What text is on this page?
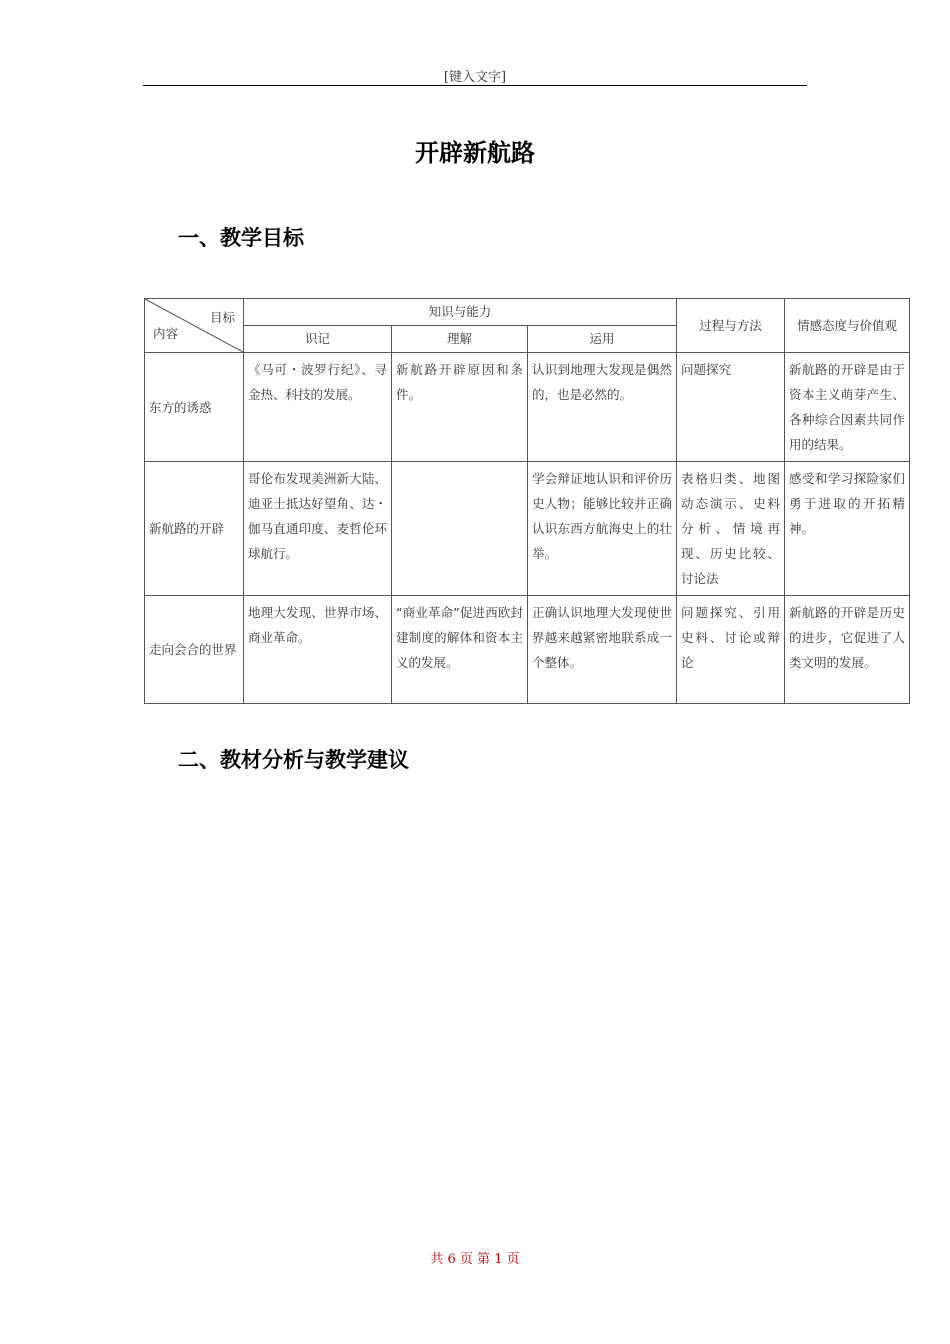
[键入文字]
开辟新航路
一、教学目标
目标
内容	知识与能力			过程与方法	情感态度与价值观
	识记	理解	运用		
东方的诱惑	《马可・波罗行纪》、寻金热、科技的发展。	新航路开辟原因和条件。	认识到地理大发现是偶然的，也是必然的。	问题探究	新航路的开辟是由于资本主义萌芽产生、各种综合因素共同作用的结果。
新航路的开辟	哥伦布发现美洲新大陆、迪亚士抵达好望角、达・伽马直通印度、麦哲伦环球航行。		学会辩证地认识和评价历史人物；能够比较并正确认识东西方航海史上的壮举。	表格归类、地图动态演示、史料分析、情境再现、历史比较、讨论法	感受和学习探险家们勇于进取的开拓精神。
走向会合的世界	地理大发现、世界市场、商业革命。	“商业革命”促进西欧封建制度的解体和资本主义的发展。	正确认识地理大发现使世界越来越紧密地联系成一个整体。	问题探究、引用史料、讨论或辩论	新航路的开辟是历史的进步，它促进了人类文明的发展。
二、教材分析与教学建议
共 6 页 第 1 页
